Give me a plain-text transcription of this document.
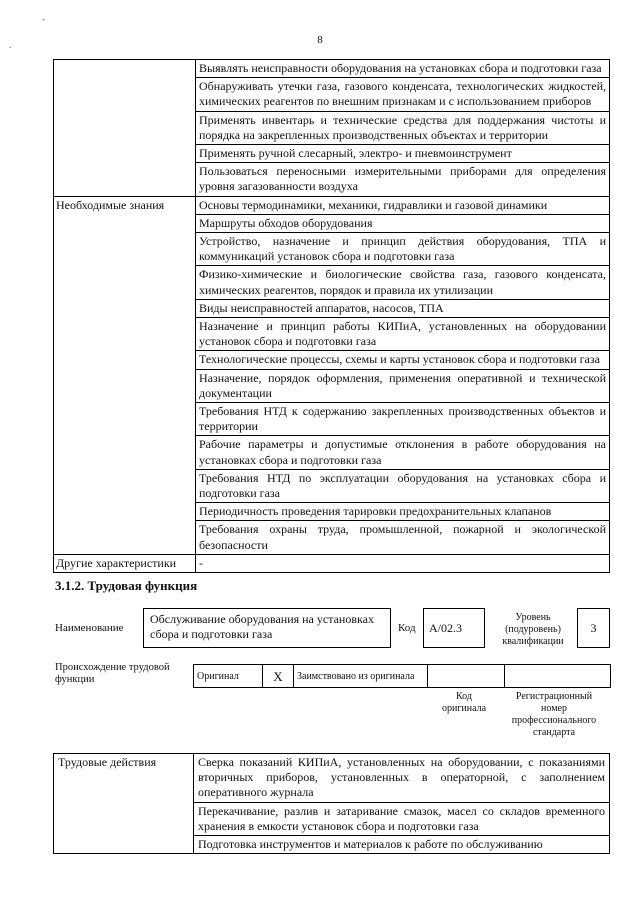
-
.	8
	Выявлять неисправности оборудования на установках сбора и подготовки газа
	Обнаруживать утечки газа, газового конденсата, технологических жидкостей, химических реагентов по внешним признакам и с использованием приборов
	Применять инвентарь и технические средства для поддержания чистоты и порядка на закрепленных производственных объектах и территории
	Применять ручной слесарный, электро- и пневмоинструмент
	Пользоваться переносными измерительными приборами для определения уровня загазованности воздуха
Необходимые знания	Основы термодинамики, механики, гидравлики и газовой динамики
	Маршруты обходов оборудования
	Устройство, назначение и принцип действия оборудования, ТПА и коммуникаций установок сбора и подготовки газа
	Физико-химические и биологические свойства газа, газового конденсата, химических реагентов, порядок и правила их утилизации
	Виды неисправностей аппаратов, насосов, ТПА
	Назначение и принцип работы КИПиА, установленных на оборудовании установок сбора и подготовки газа
	Технологические процессы, схемы и карты установок сбора и подготовки газа
	Назначение, порядок оформления, применения оперативной и технической документации
	Требования НТД к содержанию закрепленных производственных объектов и территории
	Рабочие параметры и допустимые отклонения в работе оборудования на установках сбора и подготовки газа
	Требования НТД по эксплуатации оборудования на установках сбора и подготовки газа
	Периодичность проведения тарировки предохранительных клапанов
	Требования охраны труда, промышленной, пожарной и экологической безопасности
Другие характеристики	-
3.1.2. Трудовая функция
Наименование
Обслуживание оборудования на установках сбора и подготовки газа	Код	А/02.3
Уровень (подуровень) квалификации
3
Происхождение трудовой функции	Оригинал	X	Заимствовано из оригинала		
Код оригинала
Регистрационный номер профессионального стандарта
Трудовые действия	Сверка показаний КИПиА, установленных на оборудовании, с показаниями вторичных приборов, установленных в операторной, с заполнением оперативного журнала
Перекачивание, разлив и затаривание смазок, масел со складов временного хранения в емкости установок сбора и подготовки газа
Подготовка инструментов и материалов к работе по обслуживанию
